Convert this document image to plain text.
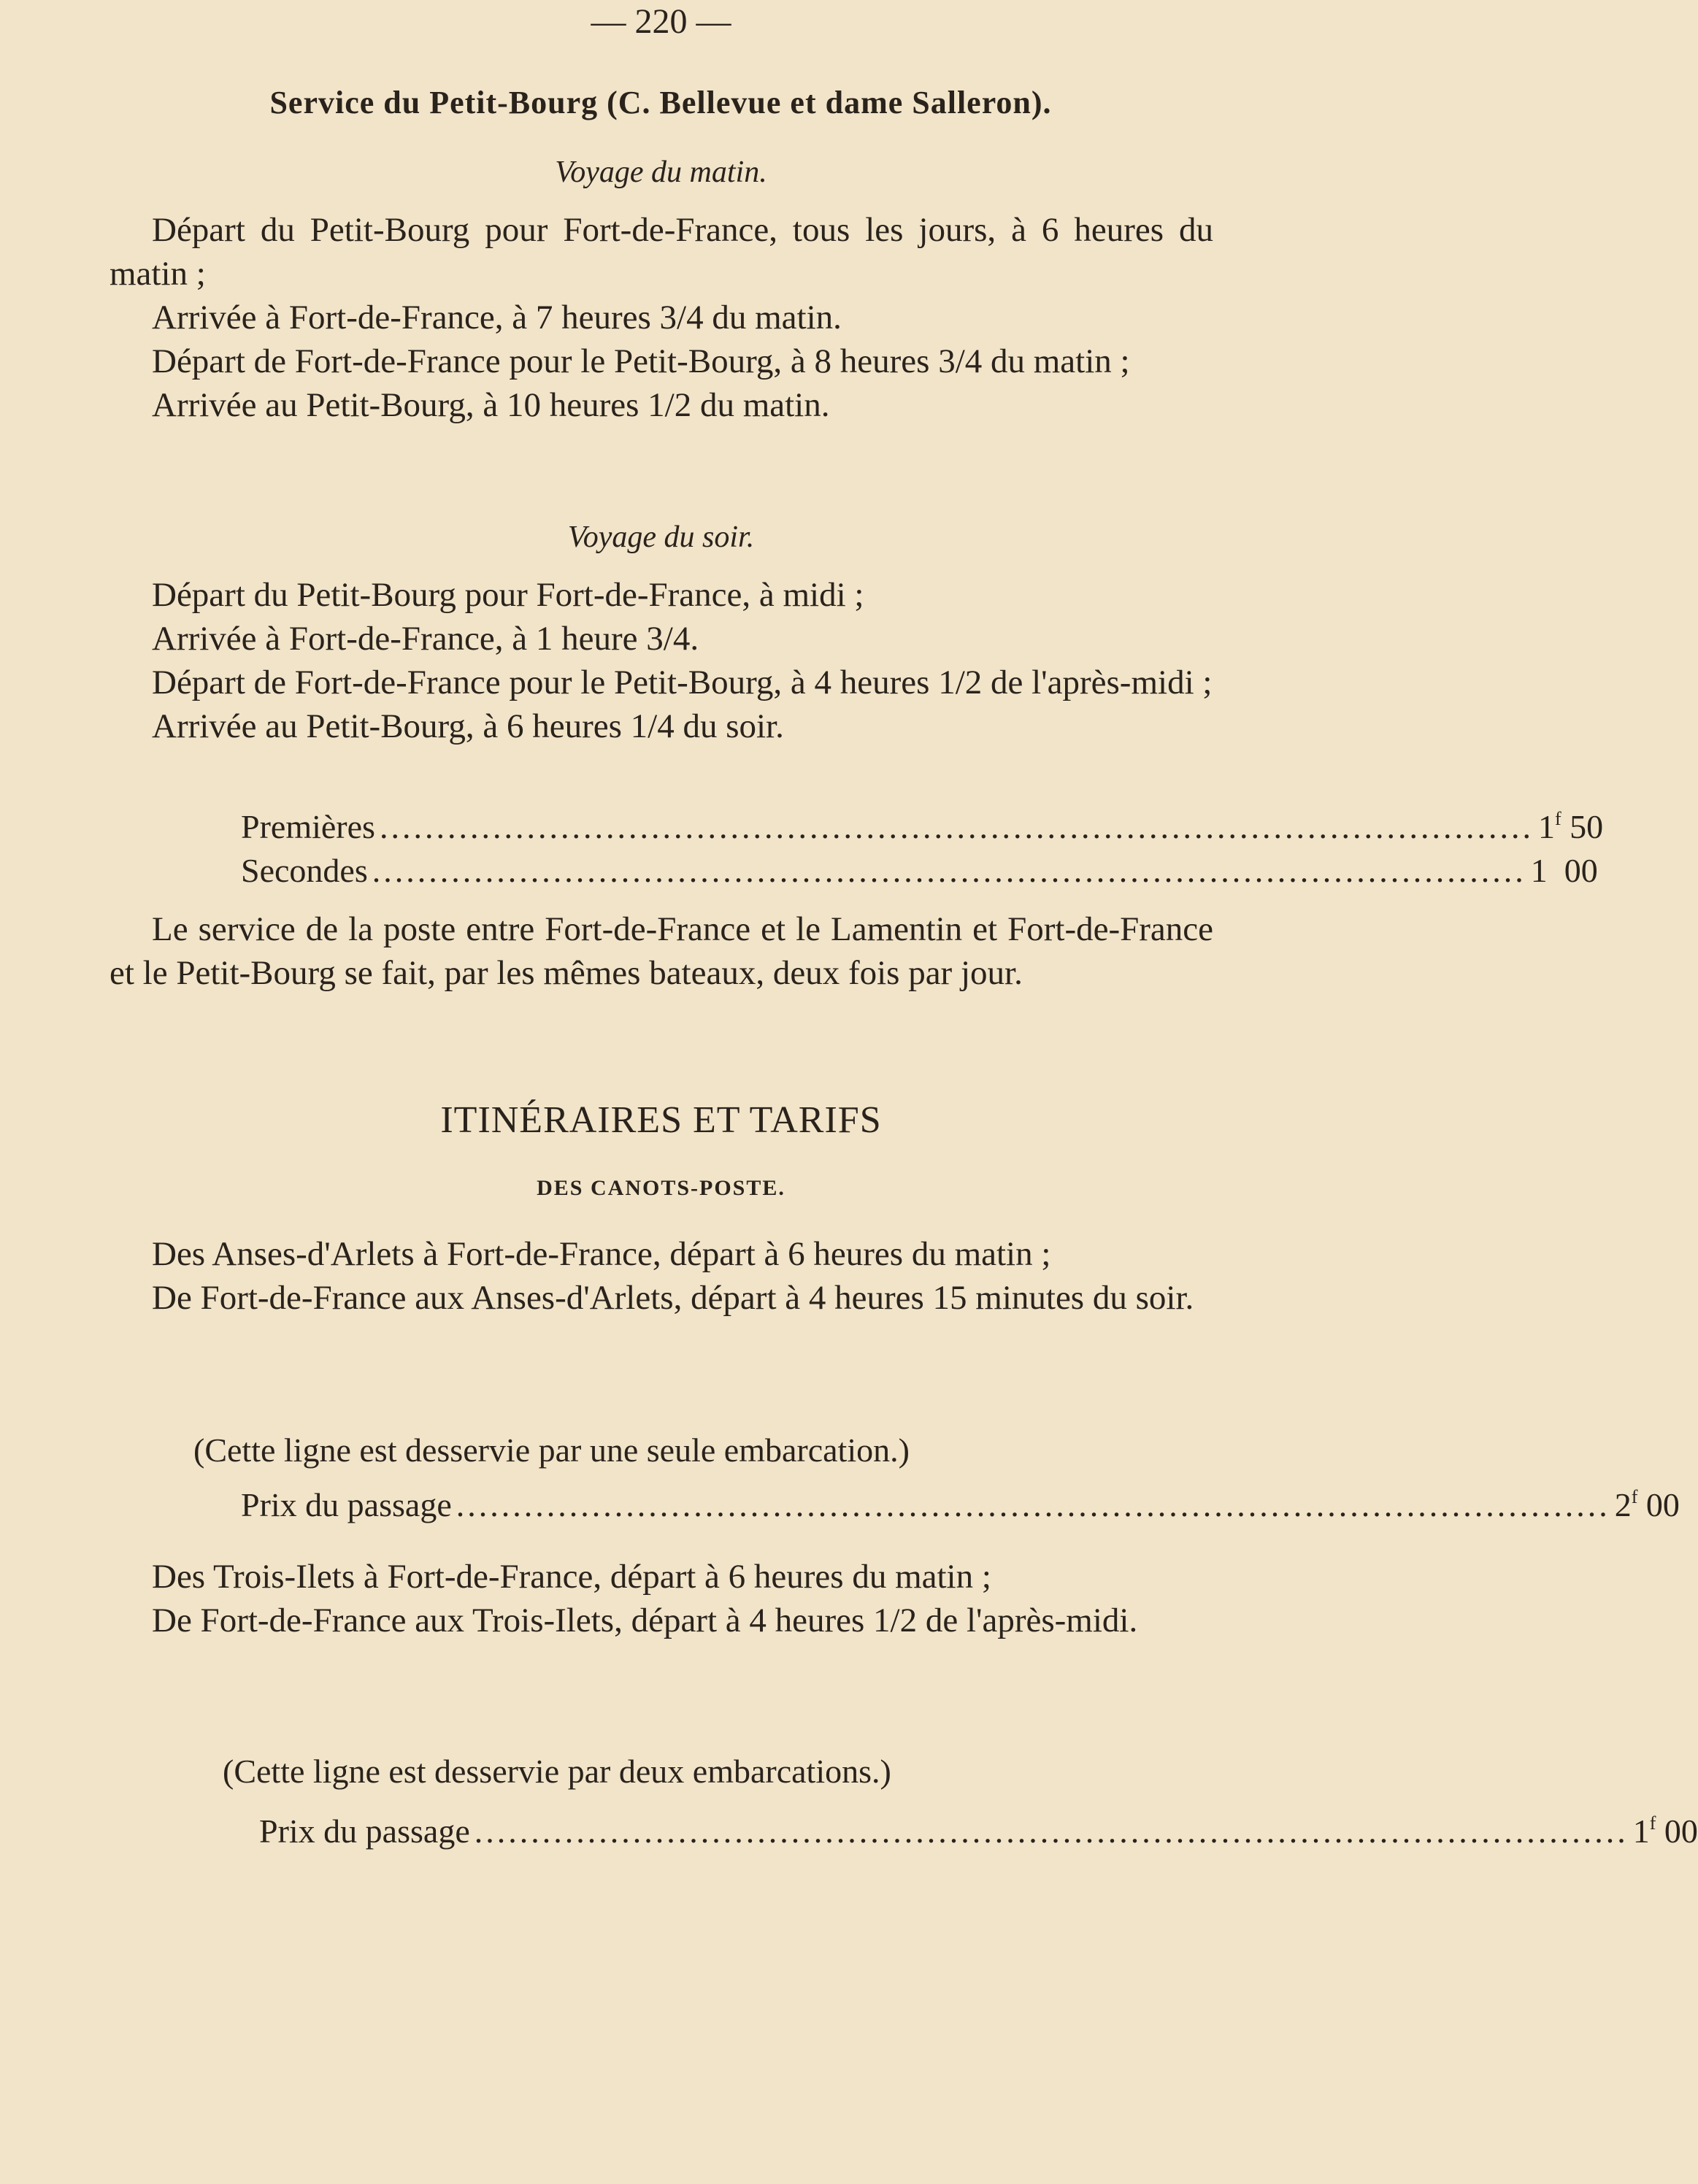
— 220 —
Service du Petit-Bourg (C. Bellevue et dame Salleron).
Voyage du matin.

Départ du Petit-Bourg pour Fort-de-France, tous les jours, à 6 heures du matin ;

Arrivée à Fort-de-France, à 7 heures 3/4 du matin.

Départ de Fort-de-France pour le Petit-Bourg, à 8 heures 3/4 du matin ;

Arrivée au Petit-Bourg, à 10 heures 1/2 du matin.

Voyage du soir.

Départ du Petit-Bourg pour Fort-de-France, à midi ;

Arrivée à Fort-de-France, à 1 heure 3/4.

Départ de Fort-de-France pour le Petit-Bourg, à 4 heures 1/2 de l'après-midi ;

Arrivée au Petit-Bourg, à 6 heures 1/4 du soir.

Premières ...................................................................................................... 1$^f$ 50
Secondes ...................................................................................................... 1 00

Le service de la poste entre Fort-de-France et le Lamentin et Fort-de-France et le Petit-Bourg se fait, par les mêmes bateaux, deux fois par jour.

ITINÉRAIRES ET TARIFS
DES CANOTS-POSTE.

Des Anses-d'Arlets à Fort-de-France, départ à 6 heures du matin ;

De Fort-de-France aux Anses-d'Arlets, départ à 4 heures 15 minutes du soir.

(Cette ligne est desservie par une seule embarcation.)
Prix du passage ...................................................................................................... 2$^f$ 00

Des Trois-Ilets à Fort-de-France, départ à 6 heures du matin ;

De Fort-de-France aux Trois-Ilets, départ à 4 heures 1/2 de l'après-midi.

(Cette ligne est desservie par deux embarcations.)
Prix du passage ...................................................................................................... 1$^f$ 00
